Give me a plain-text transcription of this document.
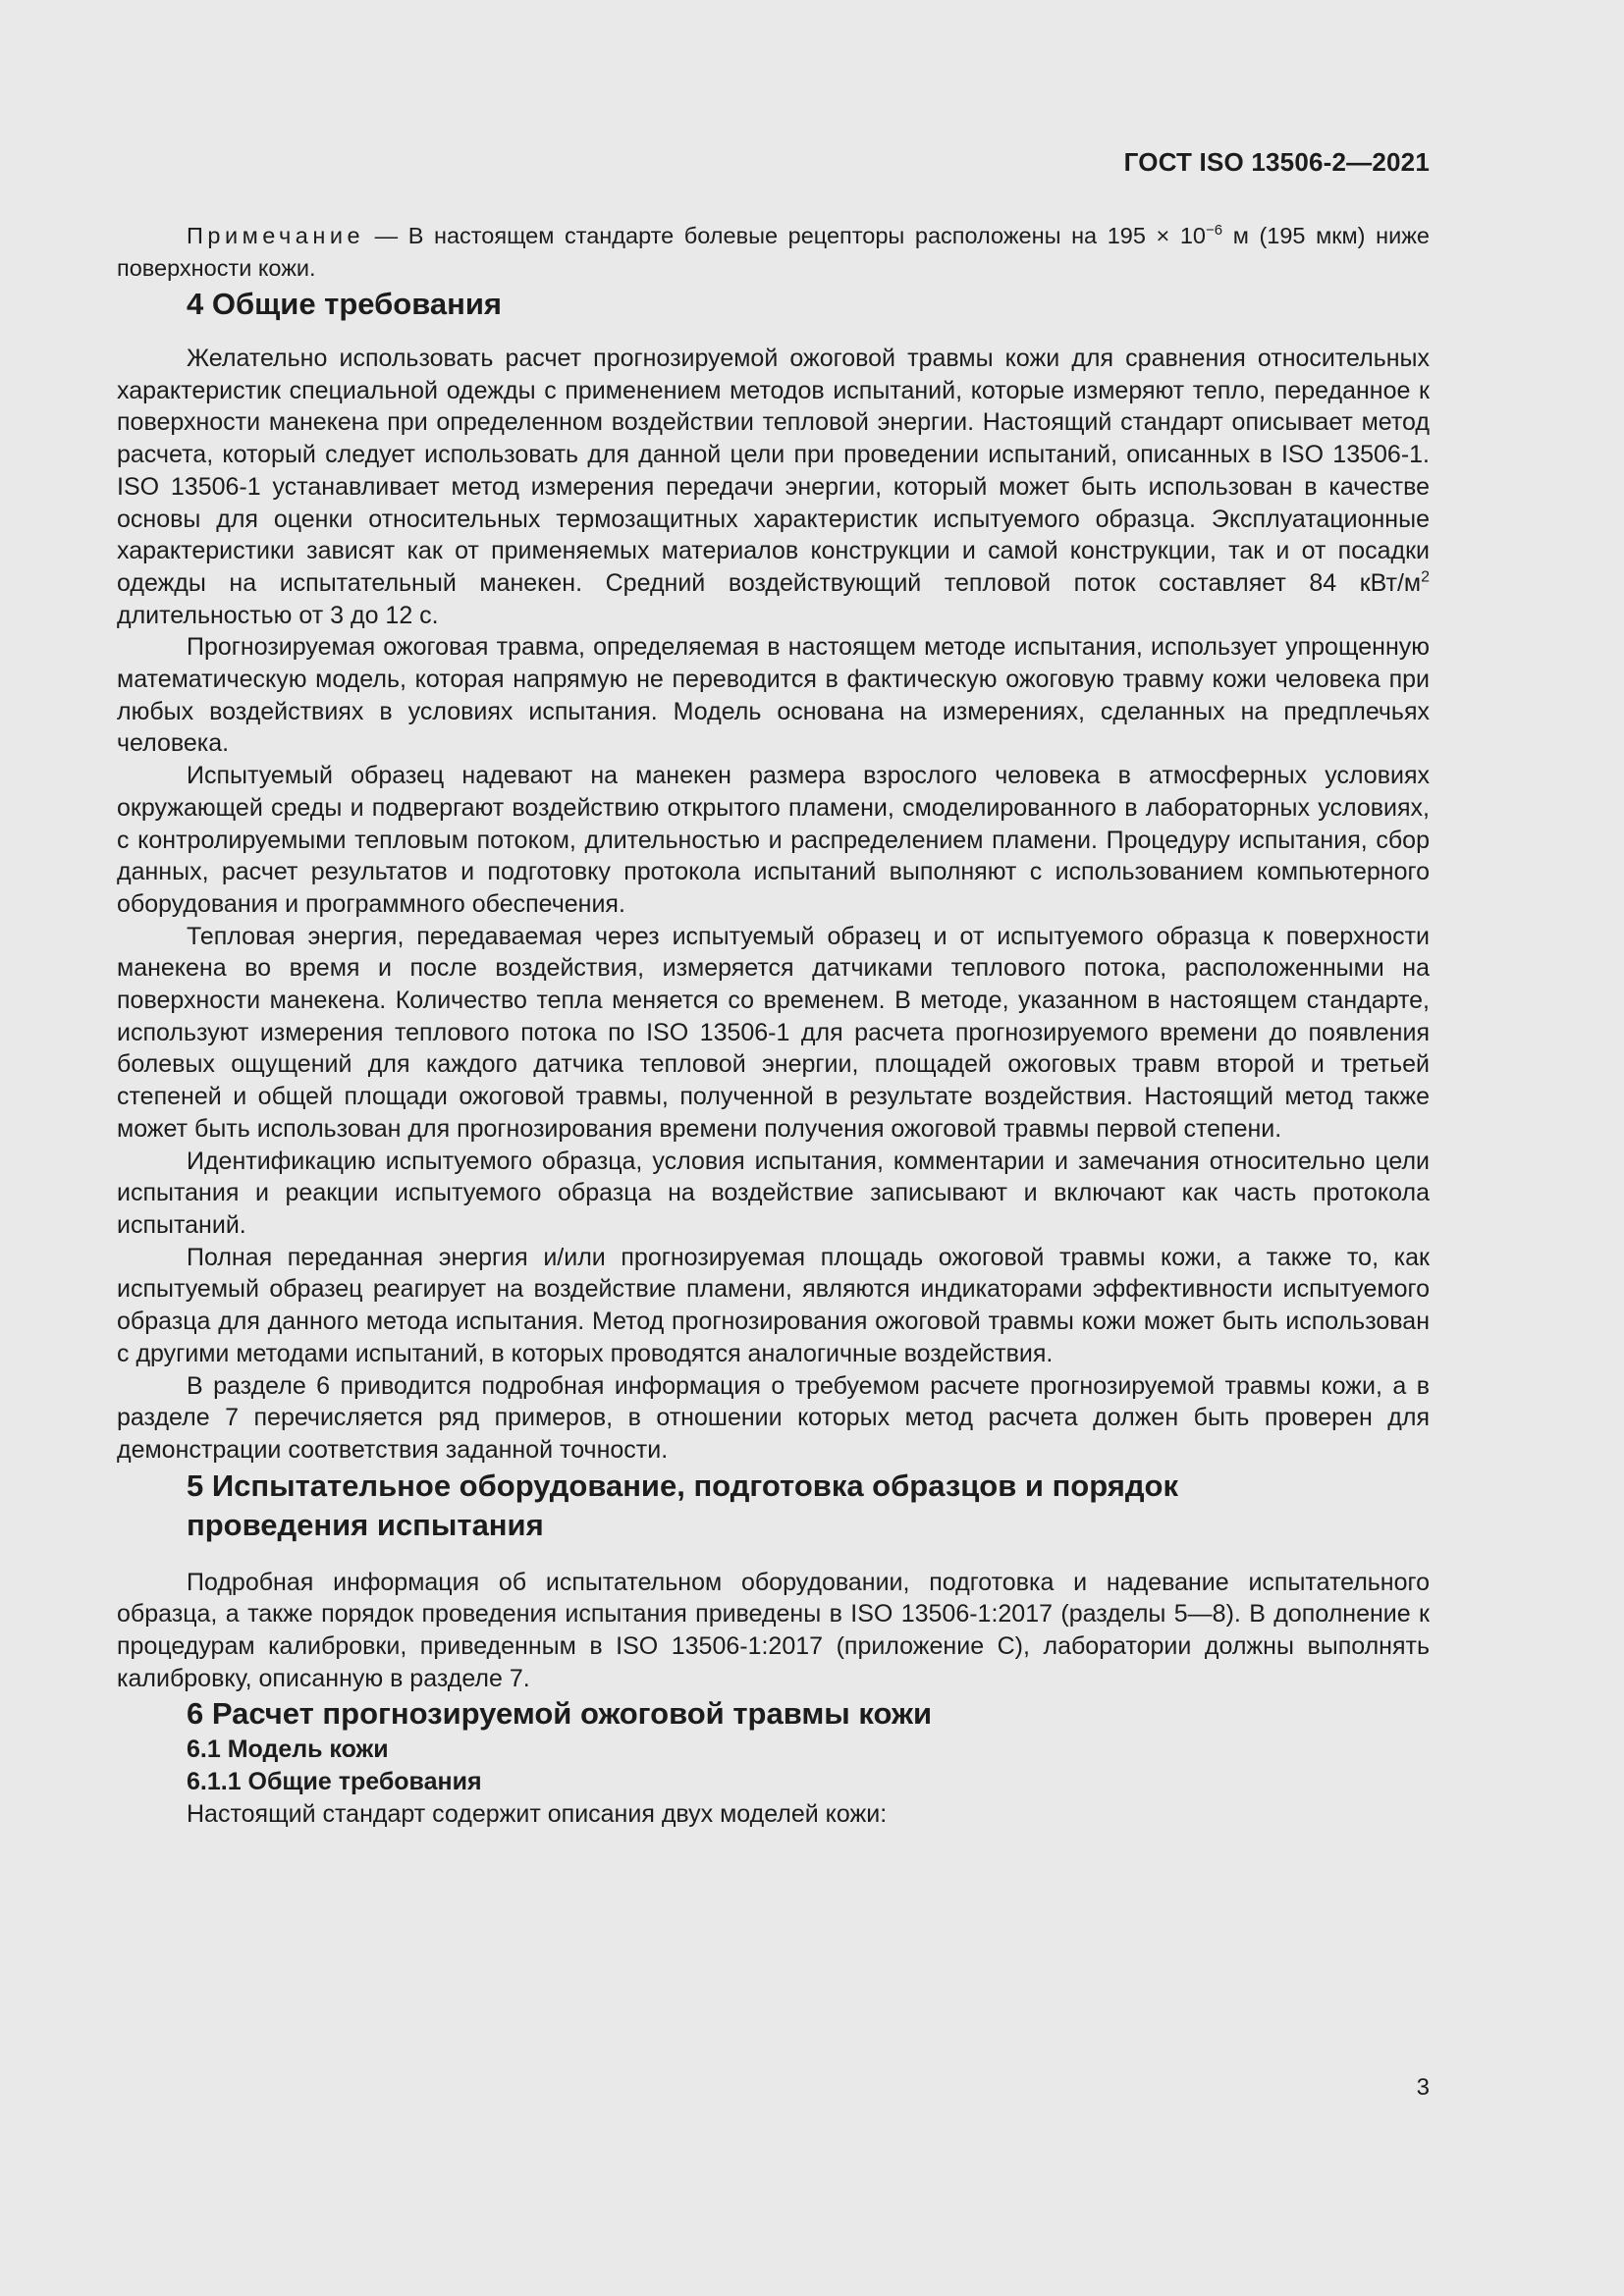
ГОСТ ISO 13506-2—2021

Примечание — В настоящем стандарте болевые рецепторы расположены на $195 \times 10^{-6}$ м (195 мкм) ниже поверхности кожи.

4 Общие требования

Желательно использовать расчет прогнозируемой ожоговой травмы кожи для сравнения относительных характеристик специальной одежды с применением методов испытаний, которые измеряют тепло, переданное к поверхности манекена при определенном воздействии тепловой энергии. Настоящий стандарт описывает метод расчета, который следует использовать для данной цели при проведении испытаний, описанных в ISO 13506-1. ISO 13506-1 устанавливает метод измерения передачи энергии, который может быть использован в качестве основы для оценки относительных термозащитных характеристик испытуемого образца. Эксплуатационные характеристики зависят как от применяемых материалов конструкции и самой конструкции, так и от посадки одежды на испытательный манекен. Средний воздействующий тепловой поток составляет 84 кВт/$м^2$ длительностью от 3 до 12 с.

Прогнозируемая ожоговая травма, определяемая в настоящем методе испытания, использует упрощенную математическую модель, которая напрямую не переводится в фактическую ожоговую травму кожи человека при любых воздействиях в условиях испытания. Модель основана на измерениях, сделанных на предплечьях человека.

Испытуемый образец надевают на манекен размера взрослого человека в атмосферных условиях окружающей среды и подвергают воздействию открытого пламени, смоделированного в лабораторных условиях, с контролируемыми тепловым потоком, длительностью и распределением пламени. Процедуру испытания, сбор данных, расчет результатов и подготовку протокола испытаний выполняют с использованием компьютерного оборудования и программного обеспечения.

Тепловая энергия, передаваемая через испытуемый образец и от испытуемого образца к поверхности манекена во время и после воздействия, измеряется датчиками теплового потока, расположенными на поверхности манекена. Количество тепла меняется со временем. В методе, указанном в настоящем стандарте, используют измерения теплового потока по ISO 13506-1 для расчета прогнозируемого времени до появления болевых ощущений для каждого датчика тепловой энергии, площадей ожоговых травм второй и третьей степеней и общей площади ожоговой травмы, полученной в результате воздействия. Настоящий метод также может быть использован для прогнозирования времени получения ожоговой травмы первой степени.

Идентификацию испытуемого образца, условия испытания, комментарии и замечания относительно цели испытания и реакции испытуемого образца на воздействие записывают и включают как часть протокола испытаний.

Полная переданная энергия и/или прогнозируемая площадь ожоговой травмы кожи, а также то, как испытуемый образец реагирует на воздействие пламени, являются индикаторами эффективности испытуемого образца для данного метода испытания. Метод прогнозирования ожоговой травмы кожи может быть использован с другими методами испытаний, в которых проводятся аналогичные воздействия.

В разделе 6 приводится подробная информация о требуемом расчете прогнозируемой травмы кожи, а в разделе 7 перечисляется ряд примеров, в отношении которых метод расчета должен быть проверен для демонстрации соответствия заданной точности.

5 Испытательное оборудование, подготовка образцов и порядок
проведения испытания

Подробная информация об испытательном оборудовании, подготовка и надевание испытательного образца, а также порядок проведения испытания приведены в ISO 13506-1:2017 (разделы 5—8). В дополнение к процедурам калибровки, приведенным в ISO 13506-1:2017 (приложение С), лаборатории должны выполнять калибровку, описанную в разделе 7.

6 Расчет прогнозируемой ожоговой травмы кожи
6.1 Модель кожи
6.1.1 Общие требования

Настоящий стандарт содержит описания двух моделей кожи:

3
